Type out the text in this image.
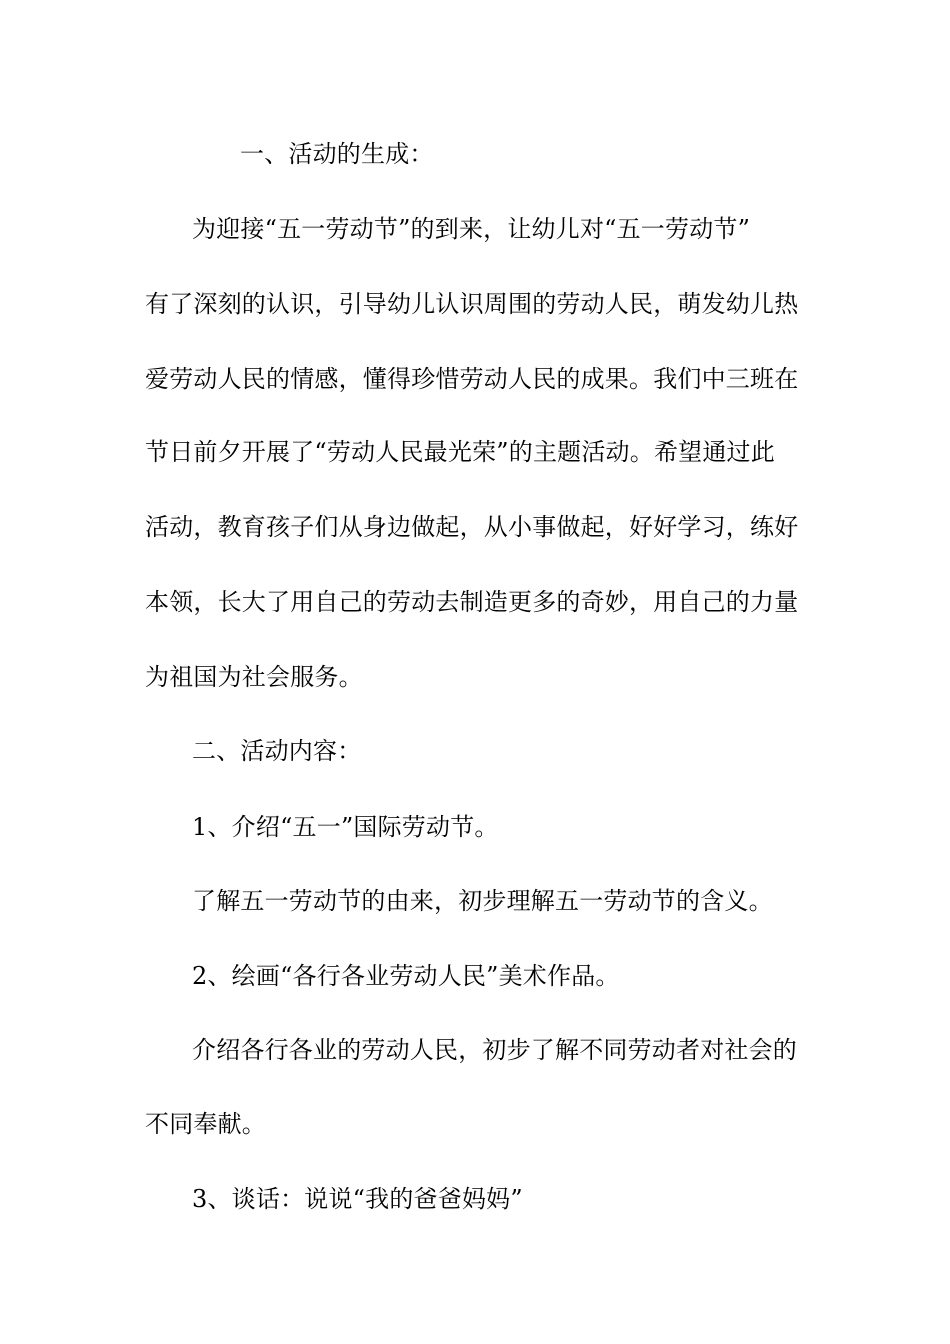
一、活动的生成：
为迎接“五一劳动节”的到来，让幼儿对“五一劳动节”
有了深刻的认识，引导幼儿认识周围的劳动人民，萌发幼儿热
爱劳动人民的情感，懂得珍惜劳动人民的成果。我们中三班在
节日前夕开展了“劳动人民最光荣”的主题活动。希望通过此
活动，教育孩子们从身边做起，从小事做起，好好学习，练好
本领，长大了用自己的劳动去制造更多的奇妙，用自己的力量
为祖国为社会服务。
二、活动内容：
1、介绍“五一”国际劳动节。
了解五一劳动节的由来，初步理解五一劳动节的含义。
2、绘画“各行各业劳动人民”美术作品。
介绍各行各业的劳动人民，初步了解不同劳动者对社会的
不同奉献。
3、谈话：说说“我的爸爸妈妈”
